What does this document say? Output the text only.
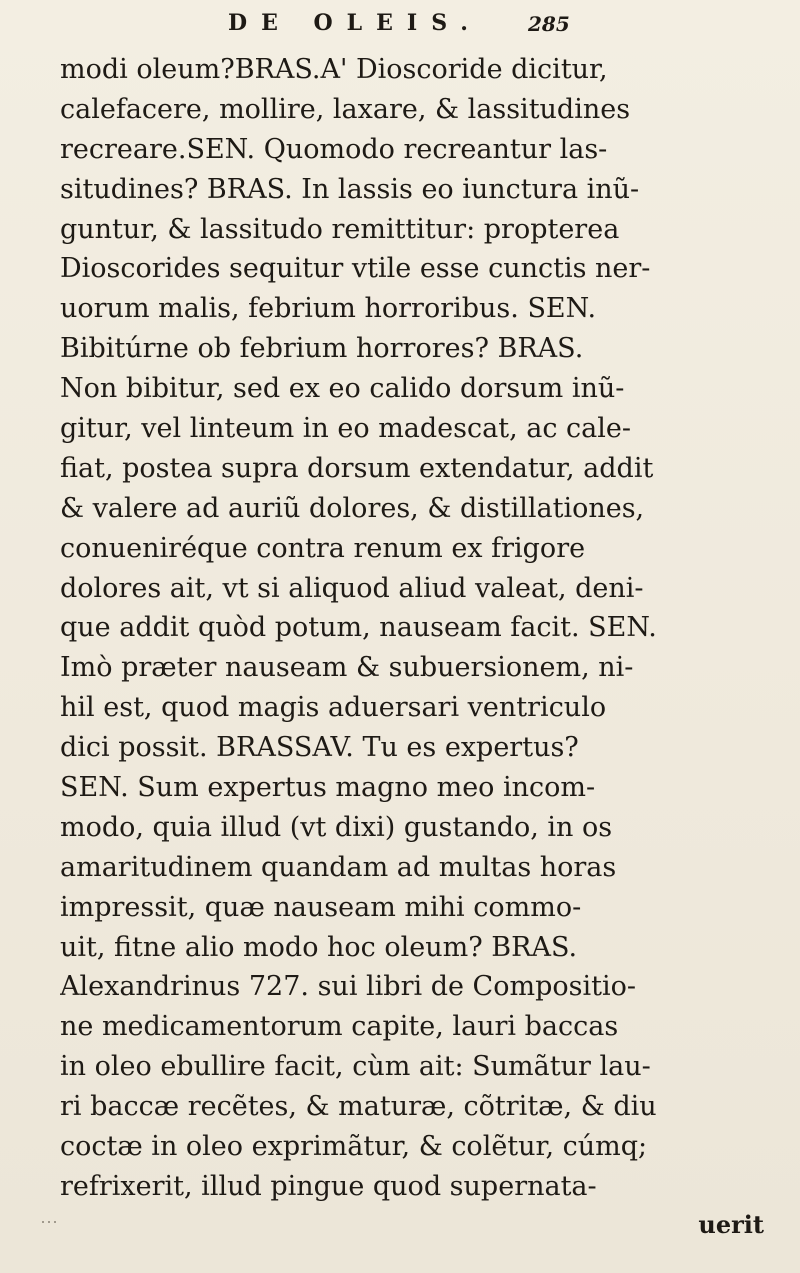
DE OLEIS. 285
modi oleum?BRAS.A' Dioscoride dicitur,
calefacere, mollire, laxare, & lassitudines
recreare.SEN. Quomodo recreantur las-
situdines? BRAS. In lassis eo iunctura inũ-
guntur, & lassitudo remittitur: propterea
Dioscorides sequitur vtile esse cunctis ner-
uorum malis, febrium horroribus. SEN.
Bibitúrne ob febrium horrores? BRAS.
Non bibitur, sed ex eo calido dorsum inũ-
gitur, vel linteum in eo madescat, ac cale-
fiat, postea supra dorsum extendatur, addit
& valere ad auriũ dolores, & distillationes,
conueniréque contra renum ex frigore
dolores ait, vt si aliquod aliud valeat, deni-
que addit quòd potum, nauseam facit. SEN.
Imò præter nauseam & subuersionem, ni-
hil est, quod magis aduersari ventriculo
dici possit. BRASSAV. Tu es expertus?
SEN. Sum expertus magno meo incom-
modo, quia illud (vt dixi) gustando, in os
amaritudinem quandam ad multas horas
impressit, quæ nauseam mihi commo-
uit, fitne alio modo hoc oleum? BRAS.
Alexandrinus 727. sui libri de Compositio-
ne medicamentorum capite, lauri baccas
in oleo ebullire facit, cùm ait: Sumãtur lau-
ri baccæ recẽtes, & maturæ, cõtritæ, & diu
coctæ in oleo exprimãtur, & colẽtur, cúmq;
refrixerit, illud pingue quod supernata-
uerit
